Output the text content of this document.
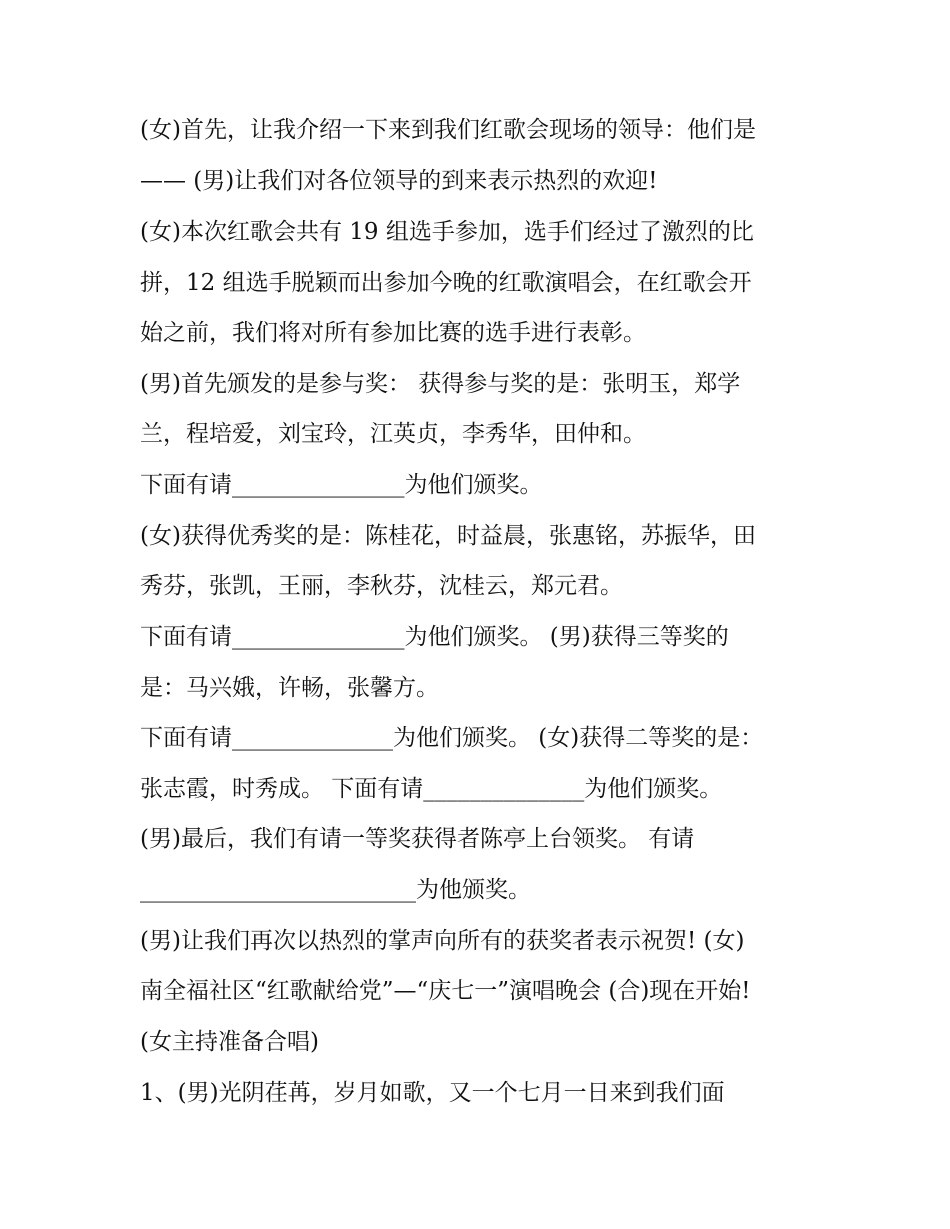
(女)首先，让我介绍一下来到我们红歌会现场的领导：他们是
—— (男)让我们对各位领导的到来表示热烈的欢迎!
(女)本次红歌会共有 19 组选手参加，选手们经过了激烈的比
拼，12 组选手脱颖而出参加今晚的红歌演唱会，在红歌会开
始之前，我们将对所有参加比赛的选手进行表彰。
(男)首先颁发的是参与奖： 获得参与奖的是：张明玉，郑学
兰，程培爱，刘宝玲，江英贞，李秀华，田仲和。
下面有请_______________为他们颁奖。
(女)获得优秀奖的是：陈桂花，时益晨，张惠铭，苏振华，田
秀芬，张凯，王丽，李秋芬，沈桂云，郑元君。
下面有请_______________为他们颁奖。 (男)获得三等奖的
是：马兴娥，许畅，张馨方。
下面有请______________为他们颁奖。 (女)获得二等奖的是：
张志霞，时秀成。 下面有请______________为他们颁奖。
(男)最后，我们有请一等奖获得者陈亭上台领奖。 有请
________________________为他颁奖。
(男)让我们再次以热烈的掌声向所有的获奖者表示祝贺! (女)
南全福社区“红歌献给党”—“庆七一”演唱晚会 (合)现在开始!
(女主持准备合唱)
1、(男)光阴荏苒，岁月如歌，又一个七月一日来到我们面
